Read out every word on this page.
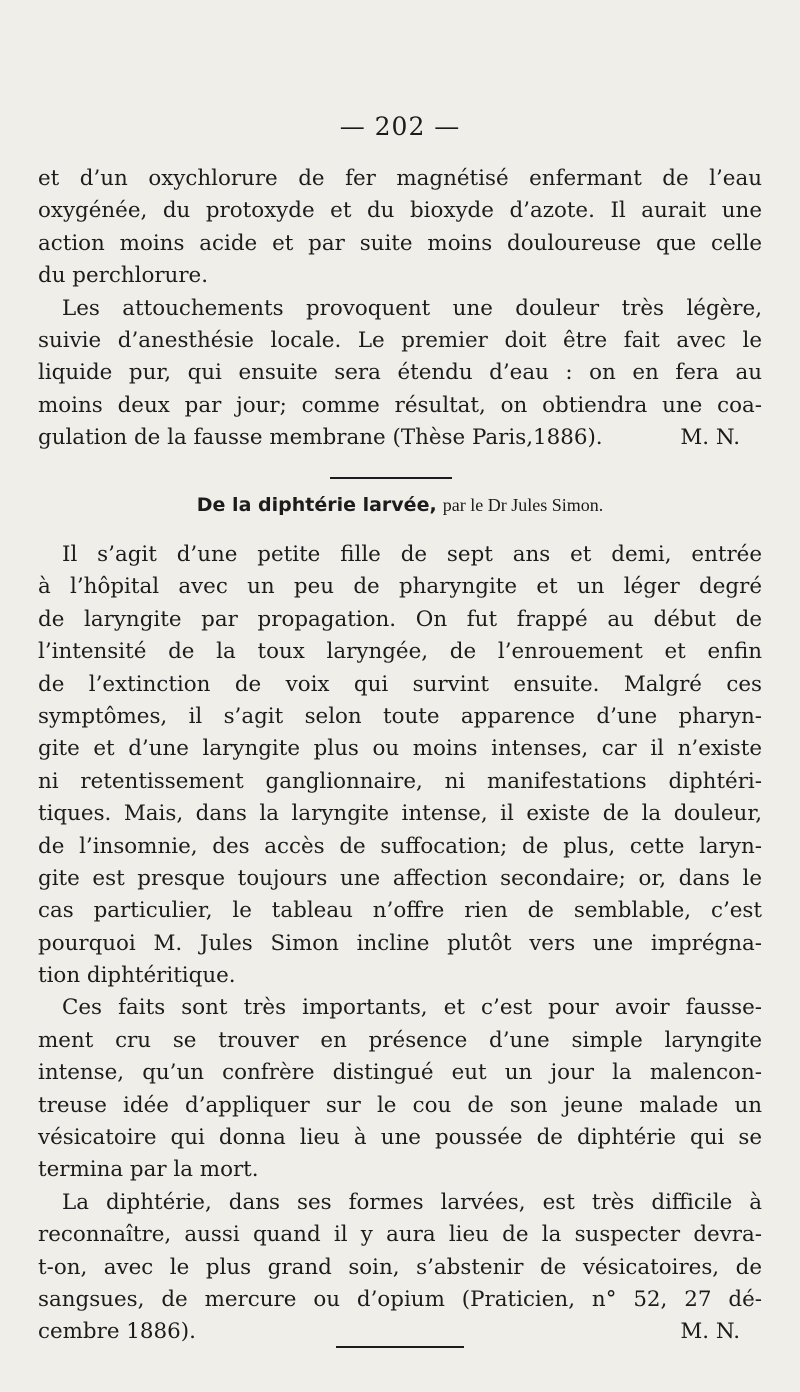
— 202 —
et d’un oxychlorure de fer magnétisé enfermant de l’eau
oxygénée, du protoxyde et du bioxyde d’azote. Il aurait une
action moins acide et par suite moins douloureuse que celle
du perchlorure.
Les attouchements provoquent une douleur très légère,
suivie d’anesthésie locale. Le premier doit être fait avec le
liquide pur, qui ensuite sera étendu d’eau : on en fera au
moins deux par jour; comme résultat, on obtiendra une coa-
gulation de la fausse membrane (Thèse Paris,1886).	M. N.
De la diphtérie larvée, par le Dr Jules Simon.
Il s’agit d’une petite fille de sept ans et demi, entrée
à l’hôpital avec un peu de pharyngite et un léger degré
de laryngite par propagation. On fut frappé au début de
l’intensité de la toux laryngée, de l’enrouement et enfin
de l’extinction de voix qui survint ensuite. Malgré ces
symptômes, il s’agit selon toute apparence d’une pharyn-
gite et d’une laryngite plus ou moins intenses, car il n’existe
ni retentissement ganglionnaire, ni manifestations diphtéri-
tiques. Mais, dans la laryngite intense, il existe de la douleur,
de l’insomnie, des accès de suffocation; de plus, cette laryn-
gite est presque toujours une affection secondaire; or, dans le
cas particulier, le tableau n’offre rien de semblable, c’est
pourquoi M. Jules Simon incline plutôt vers une imprégna-
tion diphtéritique.
Ces faits sont très importants, et c’est pour avoir fausse-
ment cru se trouver en présence d’une simple laryngite
intense, qu’un confrère distingué eut un jour la malencon-
treuse idée d’appliquer sur le cou de son jeune malade un
vésicatoire qui donna lieu à une poussée de diphtérie qui se
termina par la mort.
La diphtérie, dans ses formes larvées, est très difficile à
reconnaître, aussi quand il y aura lieu de la suspecter devra-
t-on, avec le plus grand soin, s’abstenir de vésicatoires, de
sangsues, de mercure ou d’opium (Praticien, n° 52, 27 dé-
cembre 1886).	M. N.
